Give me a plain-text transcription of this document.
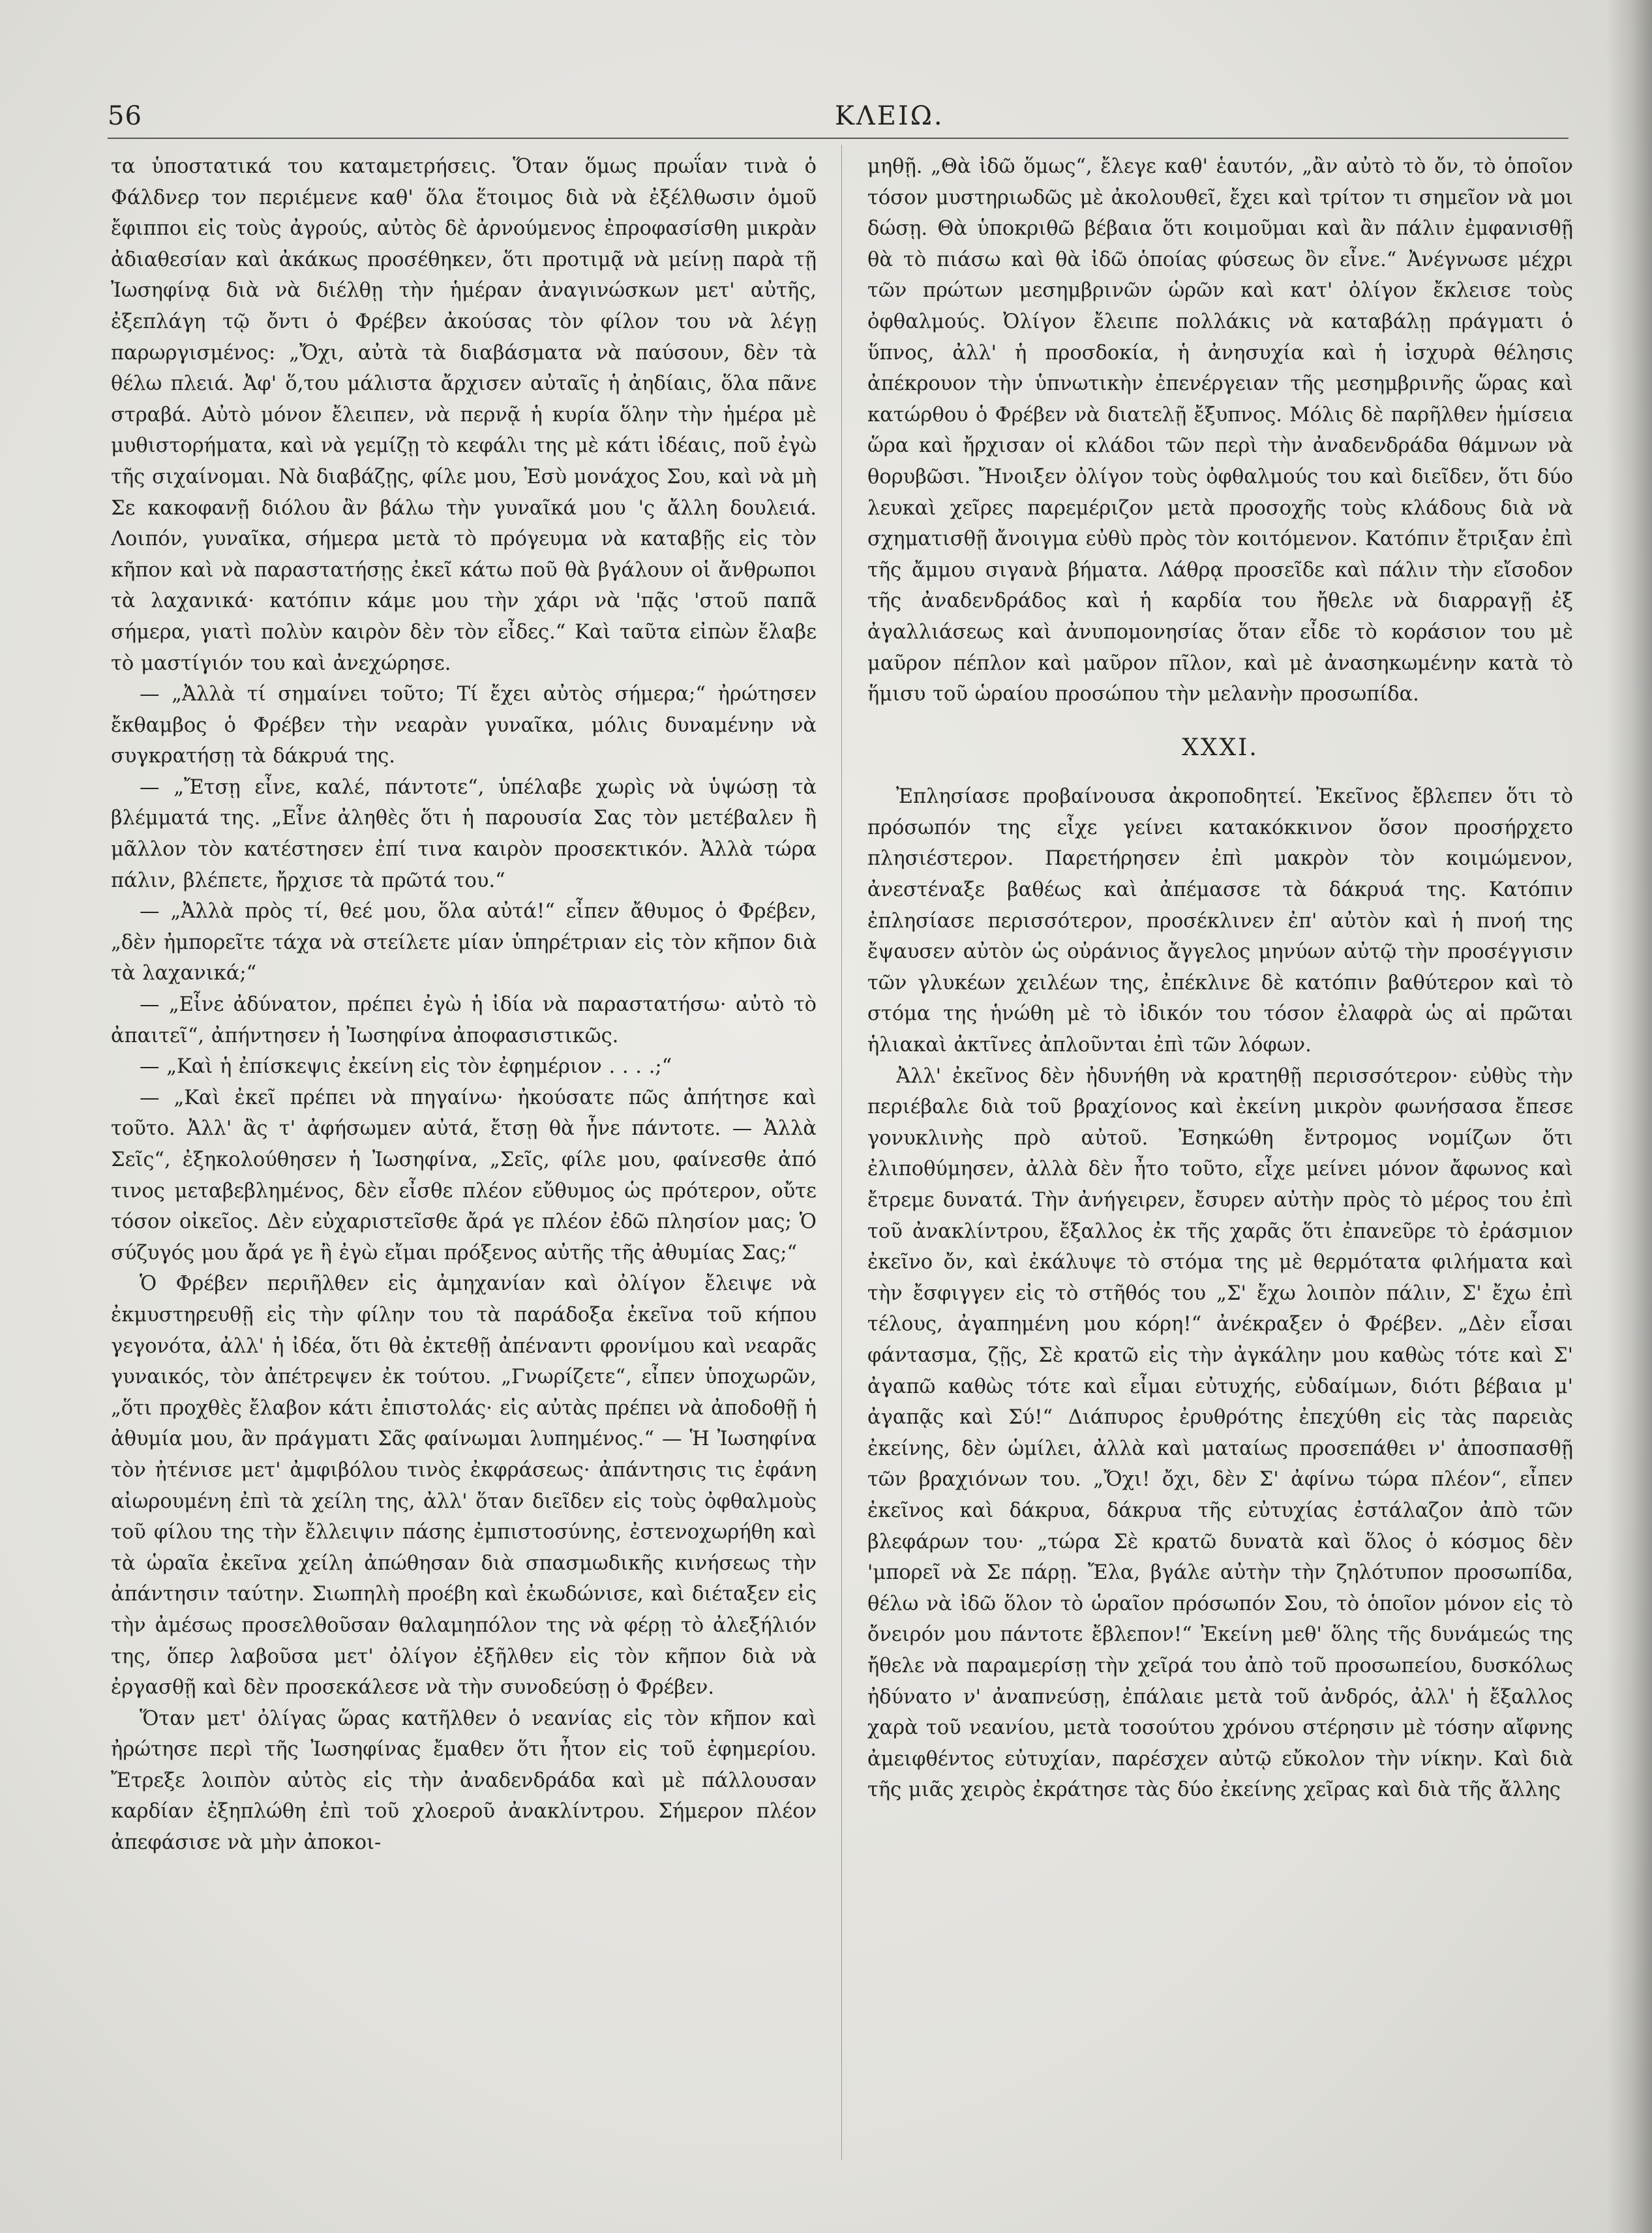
56	ΚΛΕΙΩ.

τα ὑποστατικά του καταμετρήσεις. Ὅταν ὅμως πρωΐαν τινὰ ὁ Φάλδνερ τον περιέμενε καθ' ὅλα ἕτοιμος διὰ νὰ ἐξέλθωσιν ὁμοῦ ἔφιπποι εἰς τοὺς ἀγρούς, αὐτὸς δὲ ἀρνούμενος ἐπροφασίσθη μικρὰν ἀδιαθεσίαν καὶ ἀκάκως προσέθηκεν, ὅτι προτιμᾷ νὰ μείνῃ παρὰ τῇ Ἰωσηφίνᾳ διὰ νὰ διέλθῃ τὴν ἡμέραν ἀναγινώσκων μετ' αὐτῆς, ἐξεπλάγη τῷ ὄντι ὁ Φρέβεν ἀκούσας τὸν φίλον του νὰ λέγῃ παρωργισμένος: „Ὄχι, αὐτὰ τὰ διαβάσματα νὰ παύσουν, δὲν τὰ θέλω πλειά. Ἀφ' ὅ,του μάλιστα ἄρχισεν αὐταῖς ἡ ἀηδίαις, ὅλα πᾶνε στραβά. Αὐτὸ μόνον ἔλειπεν, νὰ περνᾷ ἡ κυρία ὅλην τὴν ἡμέρα μὲ μυθιστορήματα, καὶ νὰ γεμίζῃ τὸ κεφάλι της μὲ κάτι ἰδέαις, ποῦ ἐγὼ τῆς σιχαίνομαι. Νὰ διαβάζῃς, φίλε μου, Ἐσὺ μονάχος Σου, καὶ νὰ μὴ Σε κακοφανῇ διόλου ἂν βάλω τὴν γυναῖκά μου 'ς ἄλλη δουλειά. Λοιπόν, γυναῖκα, σήμερα μετὰ τὸ πρόγευμα νὰ καταβῇς εἰς τὸν κῆπον καὶ νὰ παραστατήσῃς ἐκεῖ κάτω ποῦ θὰ βγάλουν οἱ ἄνθρωποι τὰ λαχανικά· κατόπιν κάμε μου τὴν χάρι νὰ 'πᾷς 'στοῦ παπᾶ σήμερα, γιατὶ πολὺν καιρὸν δὲν τὸν εἶδες.“ Καὶ ταῦτα εἰπὼν ἔλαβε τὸ μαστίγιόν του καὶ ἀνεχώρησε.

— „Ἀλλὰ τί σημαίνει τοῦτο; Τί ἔχει αὐτὸς σήμερα;“ ἠρώτησεν ἔκθαμβος ὁ Φρέβεν τὴν νεαρὰν γυναῖκα, μόλις δυναμένην νὰ συγκρατήσῃ τὰ δάκρυά της.

— „Ἔτσῃ εἶνε, καλέ, πάντοτε“, ὑπέλαβε χωρὶς νὰ ὑψώσῃ τὰ βλέμματά της. „Εἶνε ἀληθὲς ὅτι ἡ παρουσία Σας τὸν μετέβαλεν ἢ μᾶλλον τὸν κατέστησεν ἐπί τινα καιρὸν προσεκτικόν. Ἀλλὰ τώρα πάλιν, βλέπετε, ἤρχισε τὰ πρῶτά του.“

— „Ἀλλὰ πρὸς τί, θεέ μου, ὅλα αὐτά!“ εἶπεν ἄθυμος ὁ Φρέβεν, „δὲν ἠμπορεῖτε τάχα νὰ στείλετε μίαν ὑπηρέτριαν εἰς τὸν κῆπον διὰ τὰ λαχανικά;“

— „Εἶνε ἀδύνατον, πρέπει ἐγὼ ἡ ἰδία νὰ παραστατήσω· αὐτὸ τὸ ἀπαιτεῖ“, ἀπήντησεν ἡ Ἰωσηφίνα ἀποφασιστικῶς.

— „Καὶ ἡ ἐπίσκεψις ἐκείνη εἰς τὸν ἐφημέριον . . . .;“

— „Καὶ ἐκεῖ πρέπει νὰ πηγαίνω· ἠκούσατε πῶς ἀπήτησε καὶ τοῦτο. Ἀλλ' ἂς τ' ἀφήσωμεν αὐτά, ἔτσῃ θὰ ἦνε πάντοτε. — Ἀλλὰ Σεῖς“, ἐξηκολούθησεν ἡ Ἰωσηφίνα, „Σεῖς, φίλε μου, φαίνεσθε ἀπό τινος μεταβεβλημένος, δὲν εἶσθε πλέον εὔθυμος ὡς πρότερον, οὔτε τόσον οἰκεῖος. Δὲν εὐχαριστεῖσθε ἄρά γε πλέον ἐδῶ πλησίον μας; Ὁ σύζυγός μου ἄρά γε ἢ ἐγὼ εἴμαι πρόξενος αὐτῆς τῆς ἀθυμίας Σας;“

Ὁ Φρέβεν περιῆλθεν εἰς ἀμηχανίαν καὶ ὀλίγον ἔλειψε νὰ ἐκμυστηρευθῇ εἰς τὴν φίλην του τὰ παράδοξα ἐκεῖνα τοῦ κήπου γεγονότα, ἀλλ' ἡ ἰδέα, ὅτι θὰ ἐκτεθῇ ἀπέναντι φρονίμου καὶ νεαρᾶς γυναικός, τὸν ἀπέτρεψεν ἐκ τούτου. „Γνωρίζετε“, εἶπεν ὑποχωρῶν, „ὅτι προχθὲς ἔλαβον κάτι ἐπιστολάς· εἰς αὐτὰς πρέπει νὰ ἀποδοθῇ ἡ ἀθυμία μου, ἂν πράγματι Σᾶς φαίνωμαι λυπημένος.“ — Ἡ Ἰωσηφίνα τὸν ἠτένισε μετ' ἀμφιβόλου τινὸς ἐκφράσεως· ἀπάντησις τις ἐφάνη αἰωρουμένη ἐπὶ τὰ χείλη της, ἀλλ' ὅταν διεῖδεν εἰς τοὺς ὀφθαλμοὺς τοῦ φίλου της τὴν ἔλλειψιν πάσης ἐμπιστοσύνης, ἐστενοχωρήθη καὶ τὰ ὡραῖα ἐκεῖνα χείλη ἀπώθησαν διὰ σπασμωδικῆς κινήσεως τὴν ἀπάντησιν ταύτην. Σιωπηλὴ προέβη καὶ ἐκωδώνισε, καὶ διέταξεν εἰς τὴν ἀμέσως προσελθοῦσαν θαλαμηπόλον της νὰ φέρῃ τὸ ἀλεξήλιόν της, ὅπερ λαβοῦσα μετ' ὀλίγον ἐξῆλθεν εἰς τὸν κῆπον διὰ νὰ ἐργασθῇ καὶ δὲν προσεκάλεσε νὰ τὴν συνοδεύσῃ ὁ Φρέβεν.

Ὅταν μετ' ὀλίγας ὥρας κατῆλθεν ὁ νεανίας εἰς τὸν κῆπον καὶ ἠρώτησε περὶ τῆς Ἰωσηφίνας ἔμαθεν ὅτι ἦτον εἰς τοῦ ἐφημερίου. Ἔτρεξε λοιπὸν αὐτὸς εἰς τὴν ἀναδενδράδα καὶ μὲ πάλλουσαν καρδίαν ἐξηπλώθη ἐπὶ τοῦ χλοεροῦ ἀνακλίντρου. Σήμερον πλέον ἀπεφάσισε νὰ μὴν ἀποκοι-

μηθῇ. „Θὰ ἰδῶ ὅμως“, ἔλεγε καθ' ἑαυτόν, „ἂν αὐτὸ τὸ ὄν, τὸ ὁποῖον τόσον μυστηριωδῶς μὲ ἀκολουθεῖ, ἔχει καὶ τρίτον τι σημεῖον νὰ μοι δώσῃ. Θὰ ὑποκριθῶ βέβαια ὅτι κοιμοῦμαι καὶ ἂν πάλιν ἐμφανισθῇ θὰ τὸ πιάσω καὶ θὰ ἰδῶ ὁποίας φύσεως ὂν εἶνε.“ Ἀνέγνωσε μέχρι τῶν πρώτων μεσημβρινῶν ὡρῶν καὶ κατ' ὀλίγον ἔκλεισε τοὺς ὀφθαλμούς. Ὀλίγον ἔλειπε πολλάκις νὰ καταβάλῃ πράγματι ὁ ὕπνος, ἀλλ' ἡ προσδοκία, ἡ ἀνησυχία καὶ ἡ ἰσχυρὰ θέλησις ἀπέκρουον τὴν ὑπνωτικὴν ἐπενέργειαν τῆς μεσημβρινῆς ὥρας καὶ κατώρθου ὁ Φρέβεν νὰ διατελῇ ἔξυπνος. Μόλις δὲ παρῆλθεν ἡμίσεια ὥρα καὶ ἤρχισαν οἱ κλάδοι τῶν περὶ τὴν ἀναδενδράδα θάμνων νὰ θορυβῶσι. Ἤνοιξεν ὀλίγον τοὺς ὀφθαλμούς του καὶ διεῖδεν, ὅτι δύο λευκαὶ χεῖρες παρεμέριζον μετὰ προσοχῆς τοὺς κλάδους διὰ νὰ σχηματισθῇ ἄνοιγμα εὐθὺ πρὸς τὸν κοιτόμενον. Κατόπιν ἔτριξαν ἐπὶ τῆς ἄμμου σιγανὰ βήματα. Λάθρᾳ προσεῖδε καὶ πάλιν τὴν εἴσοδον τῆς ἀναδενδράδος καὶ ἡ καρδία του ἤθελε νὰ διαρραγῇ ἐξ ἀγαλλιάσεως καὶ ἀνυπομονησίας ὅταν εἶδε τὸ κοράσιον του μὲ μαῦρον πέπλον καὶ μαῦρον πῖλον, καὶ μὲ ἀνασηκωμένην κατὰ τὸ ἥμισυ τοῦ ὡραίου προσώπου τὴν μελανὴν προσωπίδα.

XXXI.

Ἐπλησίασε προβαίνουσα ἀκροποδητεί. Ἐκεῖνος ἔβλεπεν ὅτι τὸ πρόσωπόν της εἶχε γείνει κατακόκκινον ὅσον προσήρχετο πλησιέστερον. Παρετήρησεν ἐπὶ μακρὸν τὸν κοιμώμενον, ἀνεστέναξε βαθέως καὶ ἀπέμασσε τὰ δάκρυά της. Κατόπιν ἐπλησίασε περισσότερον, προσέκλινεν ἐπ' αὐτὸν καὶ ἡ πνοή της ἔψαυσεν αὐτὸν ὡς οὐράνιος ἄγγελος μηνύων αὐτῷ τὴν προσέγγισιν τῶν γλυκέων χειλέων της, ἐπέκλινε δὲ κατόπιν βαθύτερον καὶ τὸ στόμα της ἡνώθη μὲ τὸ ἰδικόν του τόσον ἐλαφρὰ ὡς αἱ πρῶται ἡλιακαὶ ἀκτῖνες ἀπλοῦνται ἐπὶ τῶν λόφων.

Ἀλλ' ἐκεῖνος δὲν ἠδυνήθη νὰ κρατηθῇ περισσότερον· εὐθὺς τὴν περιέβαλε διὰ τοῦ βραχίονος καὶ ἐκείνη μικρὸν φωνήσασα ἔπεσε γονυκλινὴς πρὸ αὐτοῦ. Ἐσηκώθη ἔντρομος νομίζων ὅτι ἐλιποθύμησεν, ἀλλὰ δὲν ἦτο τοῦτο, εἶχε μείνει μόνον ἄφωνος καὶ ἔτρεμε δυνατά. Τὴν ἀνήγειρεν, ἔσυρεν αὐτὴν πρὸς τὸ μέρος του ἐπὶ τοῦ ἀνακλίντρου, ἔξαλλος ἐκ τῆς χαρᾶς ὅτι ἐπανεῦρε τὸ ἐράσμιον ἐκεῖνο ὄν, καὶ ἐκάλυψε τὸ στόμα της μὲ θερμότατα φιλήματα καὶ τὴν ἔσφιγγεν εἰς τὸ στῆθός του „Σ' ἔχω λοιπὸν πάλιν, Σ' ἔχω ἐπὶ τέλους, ἀγαπημένη μου κόρη!“ ἀνέκραξεν ὁ Φρέβεν. „Δὲν εἶσαι φάντασμα, ζῇς, Σὲ κρατῶ εἰς τὴν ἀγκάλην μου καθὼς τότε καὶ Σ' ἀγαπῶ καθὼς τότε καὶ εἶμαι εὐτυχής, εὐδαίμων, διότι βέβαια μ' ἀγαπᾷς καὶ Σύ!“ Διάπυρος ἐρυθρότης ἐπεχύθη εἰς τὰς παρειὰς ἐκείνης, δὲν ὡμίλει, ἀλλὰ καὶ ματαίως προσεπάθει ν' ἀποσπασθῇ τῶν βραχιόνων του. „Ὄχι! ὄχι, δὲν Σ' ἀφίνω τώρα πλέον“, εἶπεν ἐκεῖνος καὶ δάκρυα, δάκρυα τῆς εὐτυχίας ἐστάλαζον ἀπὸ τῶν βλεφάρων του· „τώρα Σὲ κρατῶ δυνατὰ καὶ ὅλος ὁ κόσμος δὲν 'μπορεῖ νὰ Σε πάρῃ. Ἔλα, βγάλε αὐτὴν τὴν ζηλότυπον προσωπίδα, θέλω νὰ ἰδῶ ὅλον τὸ ὡραῖον πρόσωπόν Σου, τὸ ὁποῖον μόνον εἰς τὸ ὄνειρόν μου πάντοτε ἔβλεπον!“ Ἐκείνη μεθ' ὅλης τῆς δυνάμεώς της ἤθελε νὰ παραμερίσῃ τὴν χεῖρά του ἀπὸ τοῦ προσωπείου, δυσκόλως ἠδύνατο ν' ἀναπνεύσῃ, ἐπάλαιε μετὰ τοῦ ἀνδρός, ἀλλ' ἡ ἔξαλλος χαρὰ τοῦ νεανίου, μετὰ τοσούτου χρόνου στέρησιν μὲ τόσην αἴφνης ἀμειφθέντος εὐτυχίαν, παρέσχεν αὐτῷ εὔκολον τὴν νίκην. Καὶ διὰ τῆς μιᾶς χειρὸς ἐκράτησε τὰς δύο ἐκείνης χεῖρας καὶ διὰ τῆς ἄλλης
